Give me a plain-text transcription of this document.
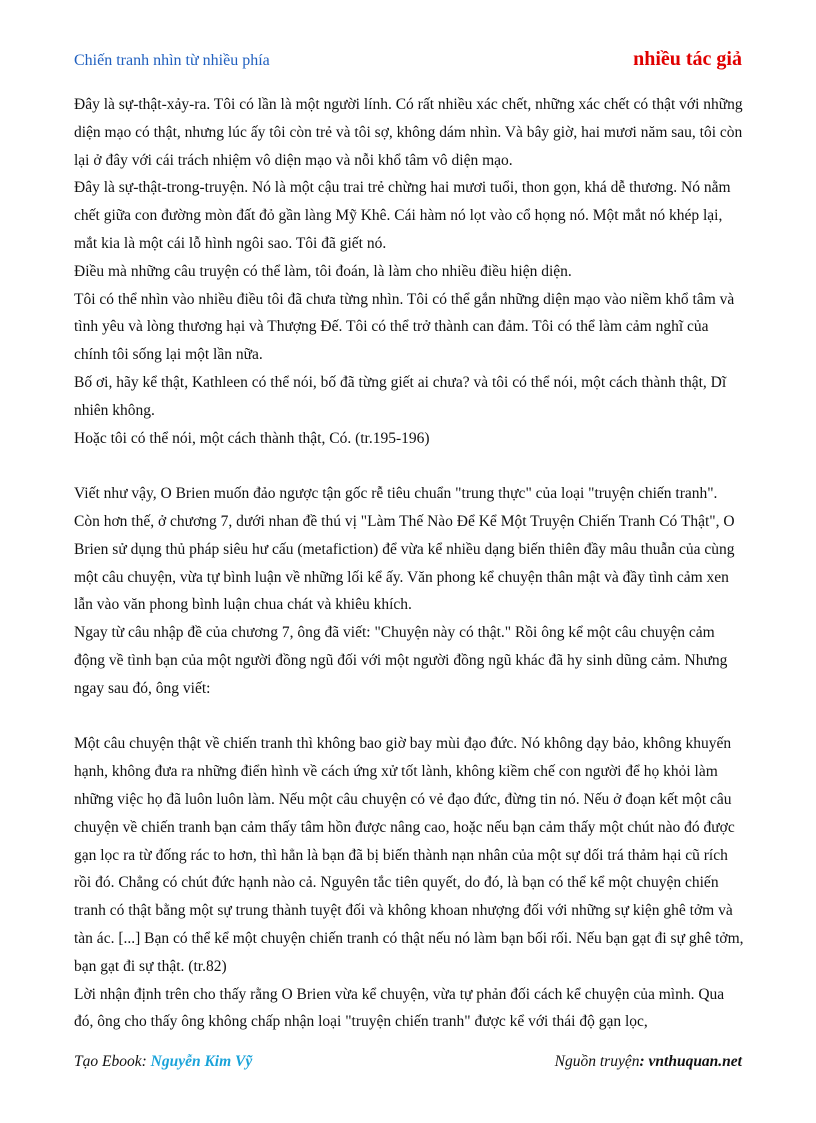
Chiến tranh nhìn từ nhiều phía	nhiều tác giả

Đây là sự-thật-xảy-ra. Tôi có lần là một người lính. Có rất nhiều xác chết, những xác chết có thật với những diện mạo có thật, nhưng lúc ấy tôi còn trẻ và tôi sợ, không dám nhìn. Và bây giờ, hai mươi năm sau, tôi còn lại ở đây với cái trách nhiệm vô diện mạo và nỗi khổ tâm vô diện mạo.

Đây là sự-thật-trong-truyện. Nó là một cậu trai trẻ chừng hai mươi tuổi, thon gọn, khá dễ thương. Nó nằm chết giữa con đường mòn đất đỏ gần làng Mỹ Khê. Cái hàm nó lọt vào cổ họng nó. Một mắt nó khép lại, mắt kia là một cái lỗ hình ngôi sao. Tôi đã giết nó.

Điều mà những câu truyện có thể làm, tôi đoán, là làm cho nhiều điều hiện diện.

Tôi có thể nhìn vào nhiều điều tôi đã chưa từng nhìn. Tôi có thể gắn những diện mạo vào niềm khổ tâm và tình yêu và lòng thương hại và Thượng Đế. Tôi có thể trở thành can đảm. Tôi có thể làm cảm nghĩ của chính tôi sống lại một lần nữa.

Bố ơi, hãy kể thật, Kathleen có thể nói, bố đã từng giết ai chưa? và tôi có thể nói, một cách thành thật, Dĩ nhiên không.

Hoặc tôi có thể nói, một cách thành thật, Có. (tr.195-196)

Viết như vậy, O Brien muốn đảo ngược tận gốc rễ tiêu chuẩn "trung thực" của loại "truyện chiến tranh". Còn hơn thế, ở chương 7, dưới nhan đề thú vị "Làm Thế Nào Để Kể Một Truyện Chiến Tranh Có Thật", O Brien sử dụng thủ pháp siêu hư cấu (metafiction) để vừa kể nhiều dạng biến thiên đầy mâu thuẫn của cùng một câu chuyện, vừa tự bình luận về những lối kể ấy. Văn phong kể chuyện thân mật và đầy tình cảm xen lẫn vào văn phong bình luận chua chát và khiêu khích.

Ngay từ câu nhập đề của chương 7, ông đã viết: "Chuyện này có thật." Rồi ông kể một câu chuyện cảm động về tình bạn của một người đồng ngũ đối với một người đồng ngũ khác đã hy sinh dũng cảm. Nhưng ngay sau đó, ông viết:

Một câu chuyện thật về chiến tranh thì không bao giờ bay mùi đạo đức. Nó không dạy bảo, không khuyến hạnh, không đưa ra những điển hình về cách ứng xử tốt lành, không kiềm chế con người để họ khỏi làm những việc họ đã luôn luôn làm. Nếu một câu chuyện có vẻ đạo đức, đừng tin nó. Nếu ở đoạn kết một câu chuyện về chiến tranh bạn cảm thấy tâm hồn được nâng cao, hoặc nếu bạn cảm thấy một chút nào đó được gạn lọc ra từ đống rác to hơn, thì hẳn là bạn đã bị biến thành nạn nhân của một sự dối trá thảm hại cũ rích rồi đó. Chẳng có chút đức hạnh nào cả. Nguyên tắc tiên quyết, do đó, là bạn có thể kể một chuyện chiến tranh có thật bằng một sự trung thành tuyệt đối và không khoan nhượng đối với những sự kiện ghê tởm và tàn ác. [...] Bạn có thể kể một chuyện chiến tranh có thật nếu nó làm bạn bối rối. Nếu bạn gạt đi sự ghê tởm, bạn gạt đi sự thật. (tr.82)

Lời nhận định trên cho thấy rằng O Brien vừa kể chuyện, vừa tự phản đối cách kể chuyện của mình. Qua đó, ông cho thấy ông không chấp nhận loại "truyện chiến tranh" được kể với thái độ gạn lọc,

Tạo Ebook: Nguyễn Kim Vỹ	Nguồn truyện: vnthuquan.net
